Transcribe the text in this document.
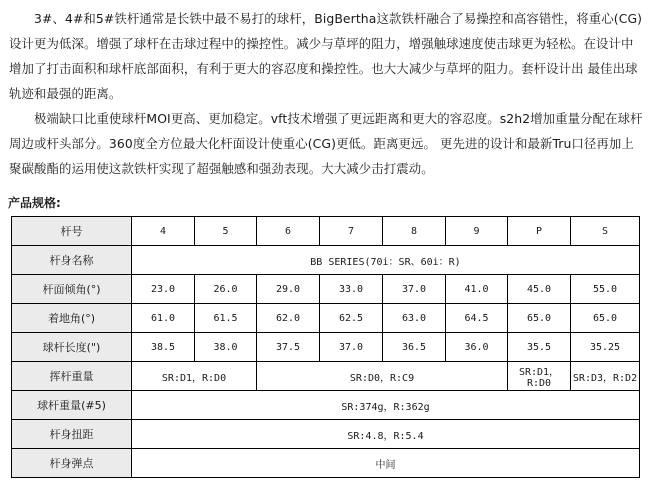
3#、4#和5#铁杆通常是长铁中最不易打的球杆，BigBertha这款铁杆融合了易操控和高容错性，将重心(CG)设计更为低深。增强了球杆在击球过程中的操控性。减少与草坪的阻力，增强触球速度使击球更为轻松。在设计中增加了打击面积和球杆底部面积，有利于更大的容忍度和操控性。也大大减少与草坪的阻力。套杆设计出 最佳出球轨迹和最强的距离。

极端缺口比重使球杆MOI更高、更加稳定。vft技术增强了更远距离和更大的容忍度。s2h2增加重量分配在球杆周边或杆头部分。360度全方位最大化杆面设计使重心(CG)更低。距离更远。 更先进的设计和最新Tru口径再加上聚碳酸酯的运用使这款铁杆实现了超强触感和强劲表现。大大减少击打震动。

产品规格:
杆号	4	5	6	7	8	9	P	S
杆身名称	BB SERIES(70i：SR、60i：R)							
杆面倾角(°)	23.0	26.0	29.0	33.0	37.0	41.0	45.0	55.0
着地角(°)	61.0	61.5	62.0	62.5	63.0	64.5	65.0	65.0
球杆长度(")	38.5	38.0	37.5	37.0	36.5	36.0	35.5	35.25
挥杆重量	SR:D1，R:D0		SR:D0，R:C9				SR:D1，R:D0	SR:D3，R:D2
球杆重量(#5)	SR:374g，R:362g							
杆身扭距	SR:4.8，R:5.4							
杆身弹点	中间							
